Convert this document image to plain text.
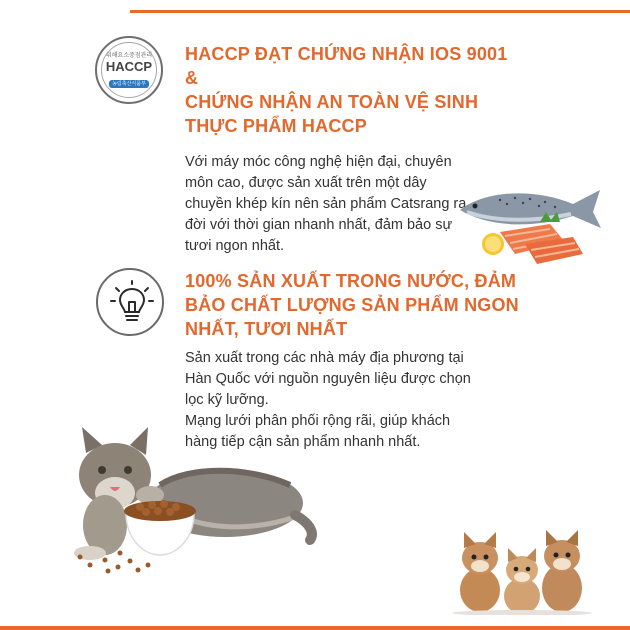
위해요소중점관리
HACCP
농림축산식품부
HACCP ĐẠT CHỨNG NHẬN IOS 9001 &
CHỨNG NHẬN AN TOÀN VỆ SINH
THỰC PHẨM HACCP
Với máy móc công nghệ hiện đại, chuyên
môn cao, được sản xuất trên một dây
chuyền khép kín nên sản phẩm Catsrang ra
đời với thời gian nhanh nhất, đảm bảo sự
tươi ngon nhất.
100% SẢN XUẤT TRONG NƯỚC, ĐẢM
BẢO CHẤT LƯỢNG SẢN PHẨM NGON
NHẤT, TƯƠI NHẤT
Sản xuất trong các nhà máy địa phương tại
Hàn Quốc với nguồn nguyên liệu được chọn
lọc kỹ lưỡng.
Mạng lưới phân phối rộng rãi, giúp khách
hàng tiếp cận sản phẩm nhanh nhất.
